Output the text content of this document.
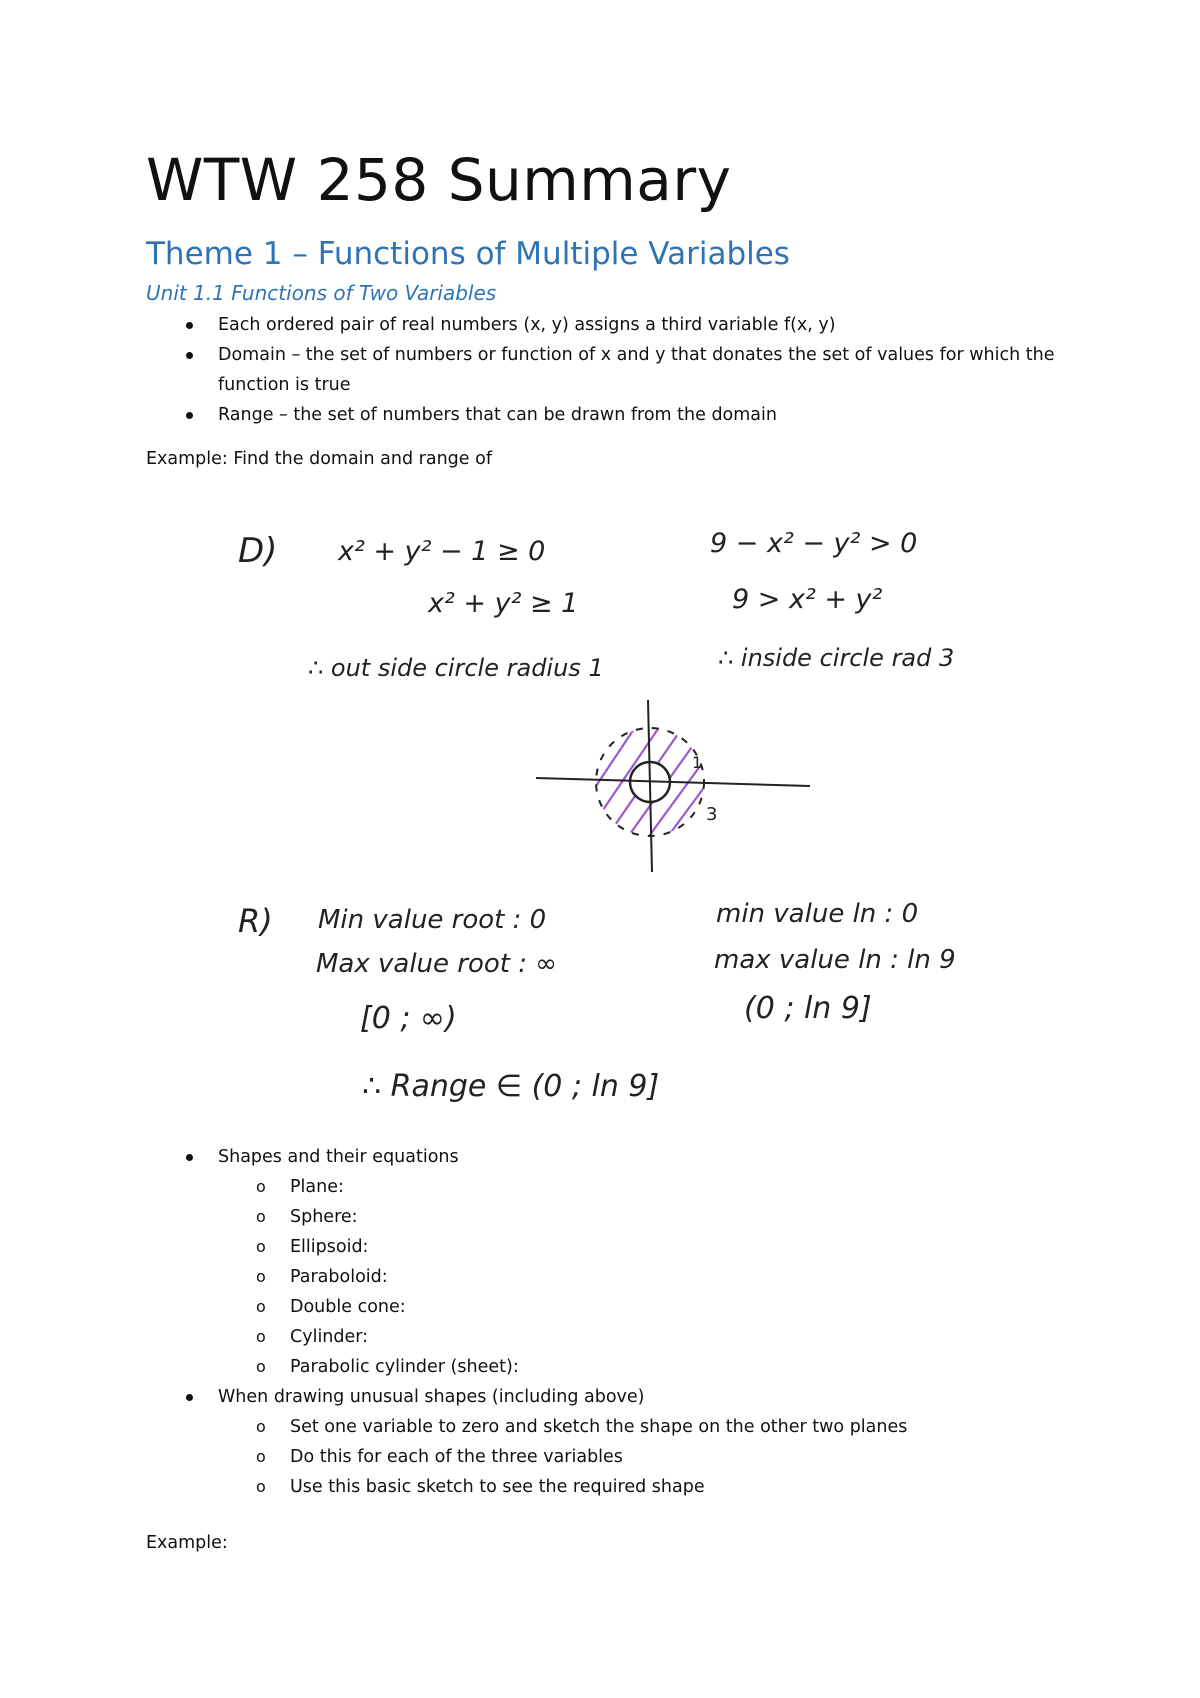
WTW 258 Summary
Theme 1 – Functions of Multiple Variables
Unit 1.1 Functions of Two Variables
Each ordered pair of real numbers (x, y) assigns a third variable f(x, y)
Domain – the set of numbers or function of x and y that donates the set of values for which the function is true
Range – the set of numbers that can be drawn from the domain
Example: Find the domain and range of
D) x² + y² − 1 ≥ 0
x² + y² ≥ 1
∴ out side circle radius 1
9 − x² − y² > 0
9 > x² + y²
∴ inside circle rad 3
1
3
R) Min value root : 0
Max value root : ∞
[0 ; ∞)
min value ln : 0
max value ln : ln 9
(0 ; ln 9]
∴ Range ∈ (0 ; ln 9]
Shapes and their equations
o Plane:
o Sphere:
o Ellipsoid:
o Paraboloid:
o Double cone:
o Cylinder:
o Parabolic cylinder (sheet):
When drawing unusual shapes (including above)
o Set one variable to zero and sketch the shape on the other two planes
o Do this for each of the three variables
o Use this basic sketch to see the required shape
Example:
